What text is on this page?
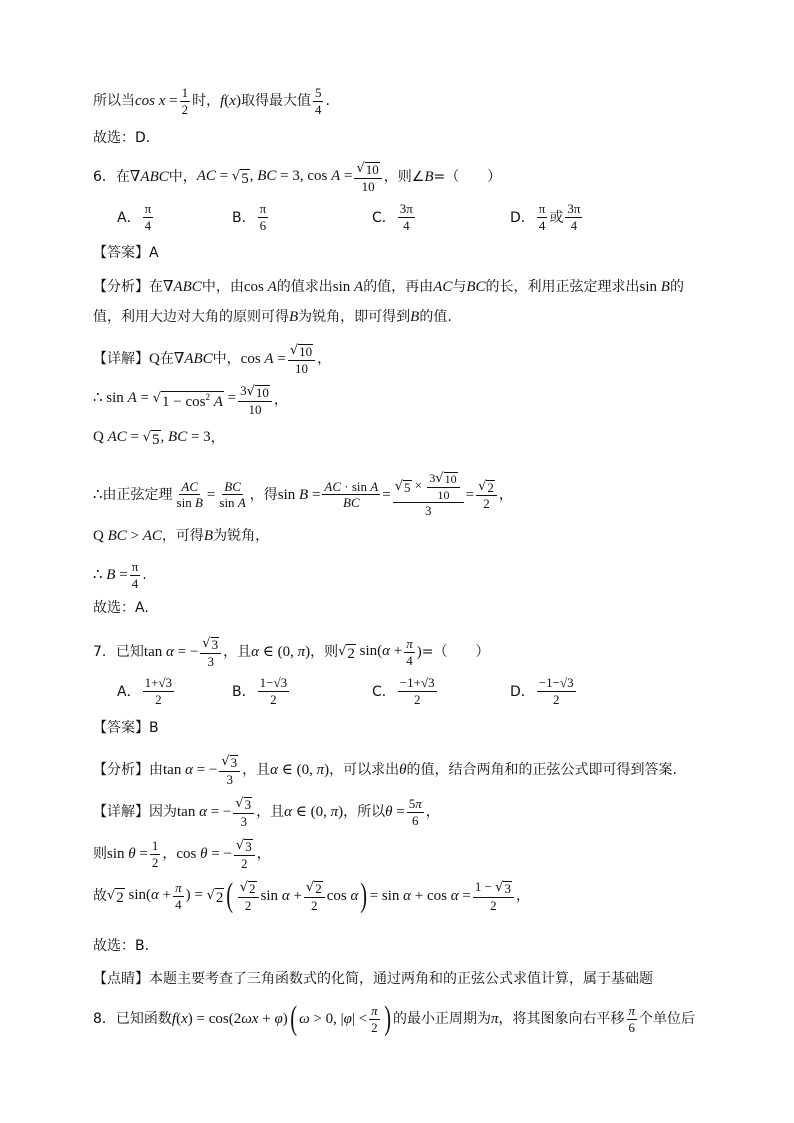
所以当 $\cos x = \frac{1}{2}$ 时， f(x) 取得最大值 $\frac{5}{4}$ .
故选：D.
6． 在 ∇ABC 中， AC = √ 5 , BC = 3, $\cos A = \frac{√ 10}{10}$ ，则∠ B =（　　）
A． $\frac{\pi}{4}$	B． $\frac{\pi}{6}$	C． $\frac{3\pi}{4}$	D． $\frac{\pi}{4}$ 或 $\frac{3\pi}{4}$
【答案】 A
【分析】 在 ∇ABC 中，由 cos A 的值求出 sin A 的值，再由 AC 与 BC 的长，利用正弦定理求出 sin B 的
值，利用大边对大角的原则可得 B 为锐角，即可得到 B 的值.
【详解】 Q 在 ∇ABC 中， $\cos A = \frac{√ 10}{10}$ ，
∴ sin A = √ $1 - \cos^2 A = \frac{3 √ 10}{10}$ ，
Q AC = √ 5 , BC = 3 ，
∴ 由正弦定理 $\frac{AC}{\text{sin B}} = \frac{BC}{\text{sin A}}$ ，得 $\sin B = \frac{\text{AC · sin A}}{BC} = \frac{√ 5 \times \frac{3 √ 10}{10}}{3} = \frac{√ 2}{2}$ ，
Q BC > AC ，可得 B 为锐角，
∴ $B = \frac{\pi}{4}$ .
故选：A.
7． 已知 tan α = − $\frac{√ 3}{3}$ ，且 α ∈ (0, π) ，则 √ 2 $\sin(\alpha + \frac{\pi}{4}$ ) =（　　）
A． $\frac{1+√3}{2}$	B． $\frac{1-√3}{2}$	C． $\frac{-1+√3}{2}$	D． $\frac{-1-√3}{2}$
【答案】 B
【分析】 由 tan α = − $\frac{√ 3}{3}$ ，且 α ∈ (0, π) ，可以求出 θ 的值，结合两角和的正弦公式即可得到答案.
【详解】 因为 tan α = − $\frac{√ 3}{3}$ ，且 α ∈ (0, π) ，所以 $\theta = \frac{5\pi}{6}$ ，
则 $\sin \theta = \frac{1}{2}$ ， cos θ = − $\frac{√ 3}{2}$ ，
故 √ 2 $\sin(\alpha + \frac{\pi}{4}$ ) = √ 2 ( $\frac{√ 2}{2}$ $\sin \alpha + \frac{√ 2}{2}$ cos α ) = $\sin \alpha + \cos \alpha = \frac{1 - √ 3}{2}$ ，
故选：B.
【点睛】 本题主要考查了三角函数式的化简，通过两角和的正弦公式求值计算，属于基础题
8． 已知函数 f(x) = cos(2ωx + φ) ( ω > 0, $|\varphi| < \frac{\pi}{2}$ ) 的最小正周期为 π ，将其图象向右平移 $\frac{\pi}{6}$ 个单位后
